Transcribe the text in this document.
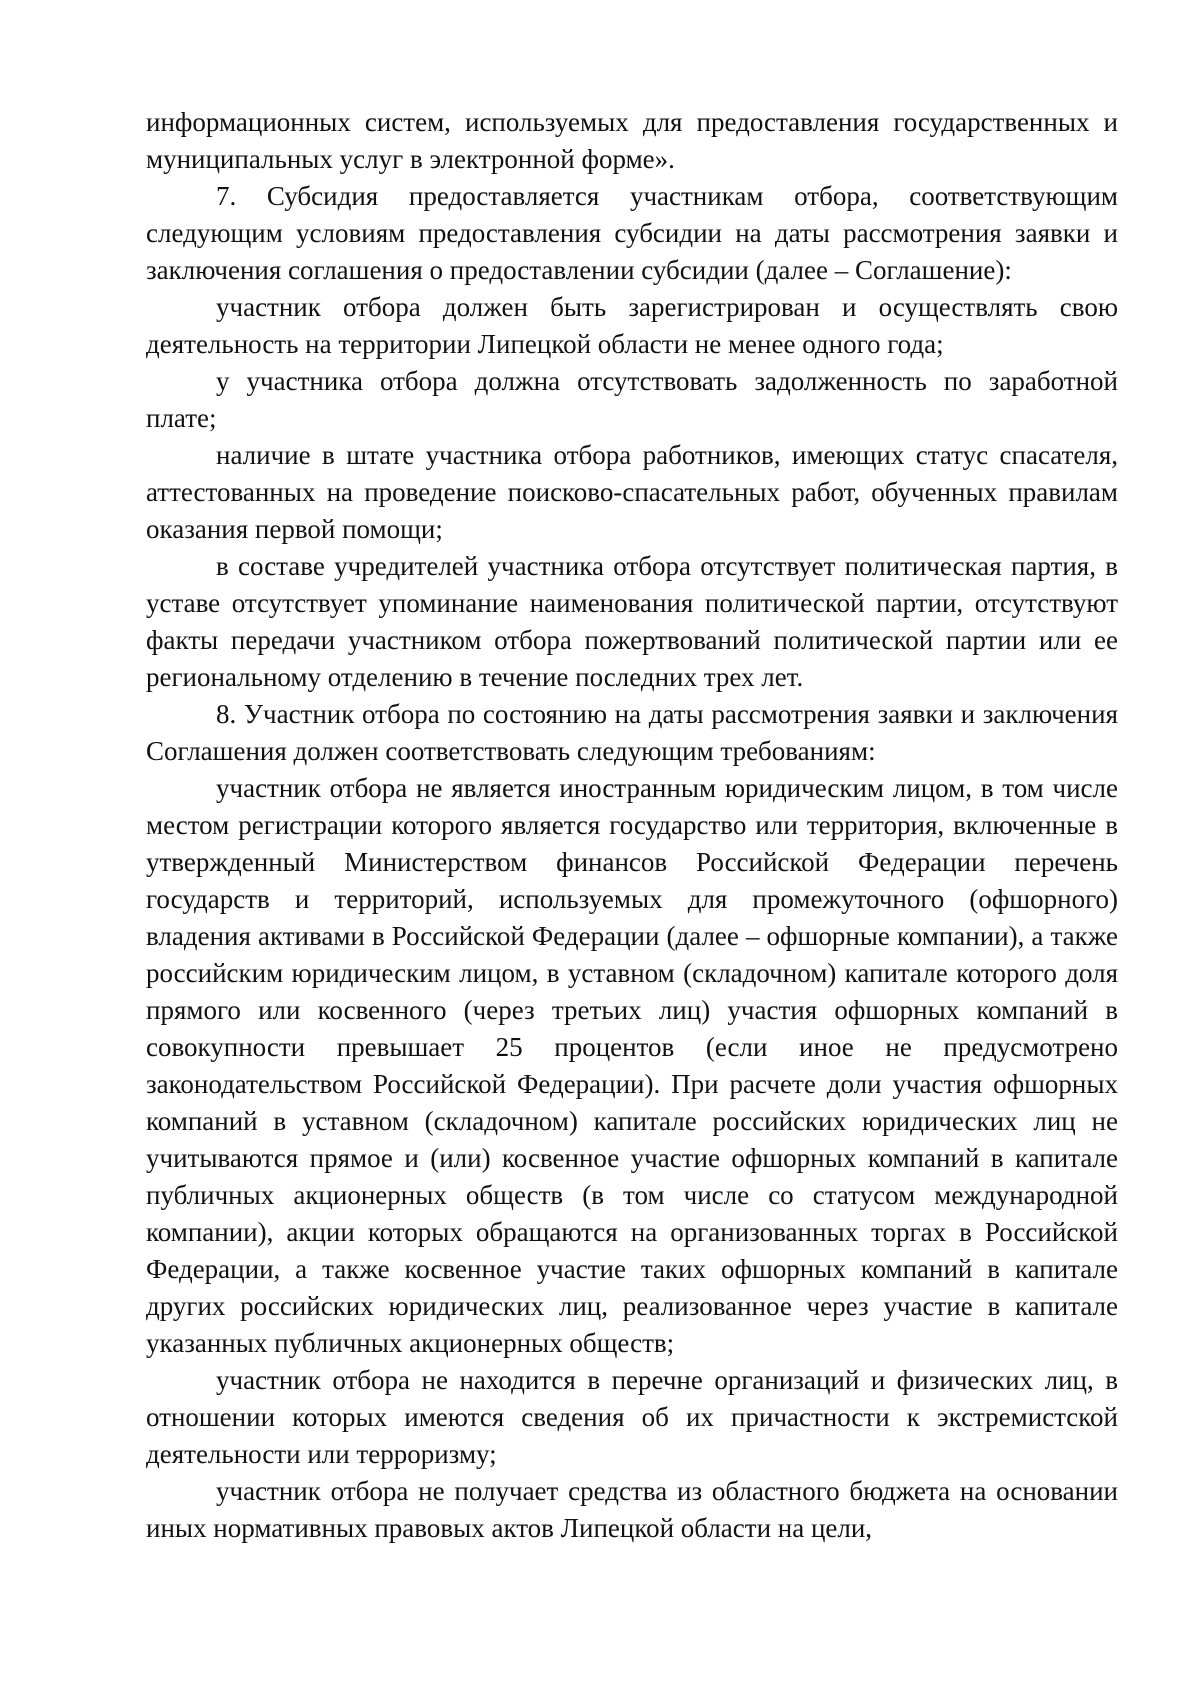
информационных систем, используемых для предоставления государственных и муниципальных услуг в электронной форме».

7. Субсидия предоставляется участникам отбора, соответствующим следующим условиям предоставления субсидии на даты рассмотрения заявки и заключения соглашения о предоставлении субсидии (далее – Соглашение):

участник отбора должен быть зарегистрирован и осуществлять свою деятельность на территории Липецкой области не менее одного года;

у участника отбора должна отсутствовать задолженность по заработной плате;

наличие в штате участника отбора работников, имеющих статус спасателя, аттестованных на проведение поисково-спасательных работ, обученных правилам оказания первой помощи;

в составе учредителей участника отбора отсутствует политическая партия, в уставе отсутствует упоминание наименования политической партии, отсутствуют факты передачи участником отбора пожертвований политической партии или ее региональному отделению в течение последних трех лет.

8. Участник отбора по состоянию на даты рассмотрения заявки и заключения Соглашения должен соответствовать следующим требованиям:

участник отбора не является иностранным юридическим лицом, в том числе местом регистрации которого является государство или территория, включенные в утвержденный Министерством финансов Российской Федерации перечень государств и территорий, используемых для промежуточного (офшорного) владения активами в Российской Федерации (далее – офшорные компании), а также российским юридическим лицом, в уставном (складочном) капитале которого доля прямого или косвенного (через третьих лиц) участия офшорных компаний в совокупности превышает 25 процентов (если иное не предусмотрено законодательством Российской Федерации). При расчете доли участия офшорных компаний в уставном (складочном) капитале российских юридических лиц не учитываются прямое и (или) косвенное участие офшорных компаний в капитале публичных акционерных обществ (в том числе со статусом международной компании), акции которых обращаются на организованных торгах в Российской Федерации, а также косвенное участие таких офшорных компаний в капитале других российских юридических лиц, реализованное через участие в капитале указанных публичных акционерных обществ;

участник отбора не находится в перечне организаций и физических лиц, в отношении которых имеются сведения об их причастности к экстремистской деятельности или терроризму;

участник отбора не получает средства из областного бюджета на основании иных нормативных правовых актов Липецкой области на цели,
